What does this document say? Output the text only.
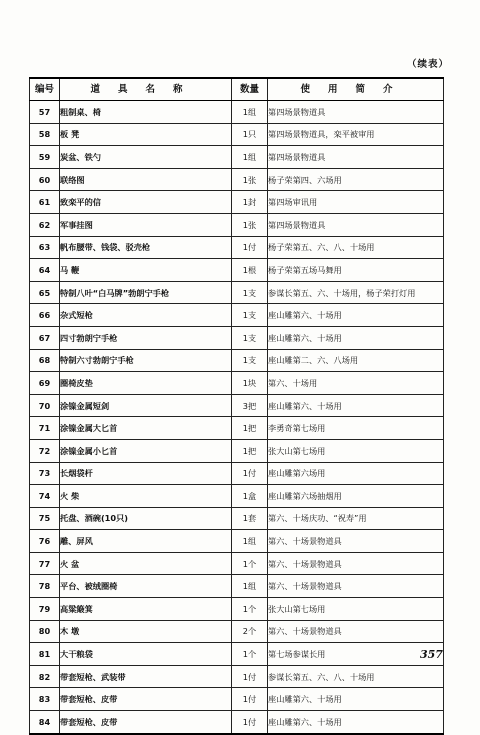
（续表）
编号	道具名称	数量	使用简介
57	粗制桌、椅	1组	第四场景物道具
58	板 凳	1只	第四场景物道具，栾平被审用
59	炭盆、铁勺	1组	第四场景物道具
60	联络图	1张	杨子荣第四、六场用
61	致栾平的信	1封	第四场审讯用
62	军事挂图	1张	第四场景物道具
63	帆布腰带、钱袋、驳壳枪	1付	杨子荣第五、六、八、十场用
64	马 鞭	1根	杨子荣第五场马舞用
65	特制八叶“白马牌”勃朗宁手枪	1支	参谋长第五、六、十场用，杨子荣打灯用
66	杂式短枪	1支	座山雕第六、十场用
67	四寸勃朗宁手枪	1支	座山雕第六、十场用
68	特制六寸勃朗宁手枪	1支	座山雕第二、六、八场用
69	圈椅皮垫	1块	第六、十场用
70	涂镍金属短剑	3把	座山雕第六、十场用
71	涂镍金属大匕首	1把	李勇奇第七场用
72	涂镍金属小匕首	1把	张大山第七场用
73	长烟袋杆	1付	座山雕第六场用
74	火 柴	1盒	座山雕第六场抽烟用
75	托盘、酒碗(10只)	1套	第六、十场庆功、“祝寿”用
76	雕、屏风	1组	第六、十场景物道具
77	火 盆	1个	第六、十场景物道具
78	平台、被绒圈椅	1组	第六、十场景物道具
79	高粱簸箕	1个	张大山第七场用
80	木 墩	2个	第六、十场景物道具
81	大干粮袋	1个	第七场参谋长用
82	带套短枪、武装带	1付	参谋长第五、六、八、十场用
83	带套短枪、皮带	1付	座山雕第六、十场用
84	带套短枪、皮带	1付	座山雕第六、十场用
357
